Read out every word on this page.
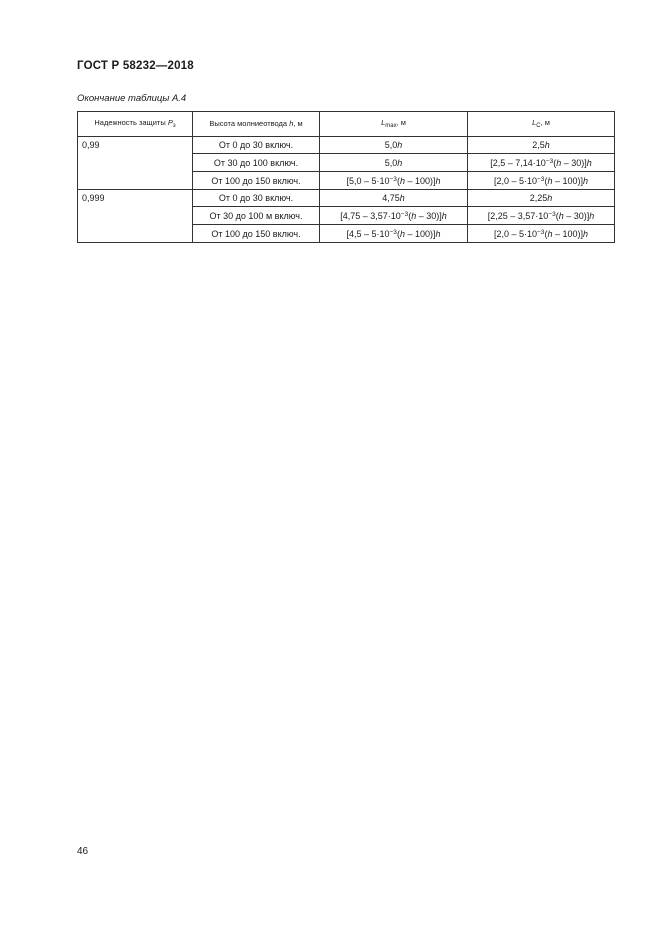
ГОСТ Р 58232—2018
Окончание таблицы А.4
Надежность защиты $P_з$	Высота молниеотвода h, м	$L_{max}$, м	$L_C$, м
0,99	От 0 до 30 включ.	5,0h	2,5h
	От 30 до 100 включ.	5,0h	$[2,5 - 7,14\cdot 10^{-3}(h - 30)]h$
	От 100 до 150 включ.	$[5,0 - 5\cdot 10^{-3}(h - 100)]h$	$[2,0 - 5\cdot 10^{-3}(h - 100)]h$
0,999	От 0 до 30 включ.	4,75h	2,25h
	От 30 до 100 м включ.	$[4,75 - 3,57\cdot 10^{-3}(h - 30)]h$	$[2,25 - 3,57\cdot 10^{-3}(h - 30)]h$
	От 100 до 150 включ.	$[4,5 - 5\cdot 10^{-3}(h - 100)]h$	$[2,0 - 5\cdot 10^{-3}(h - 100)]h$
46
